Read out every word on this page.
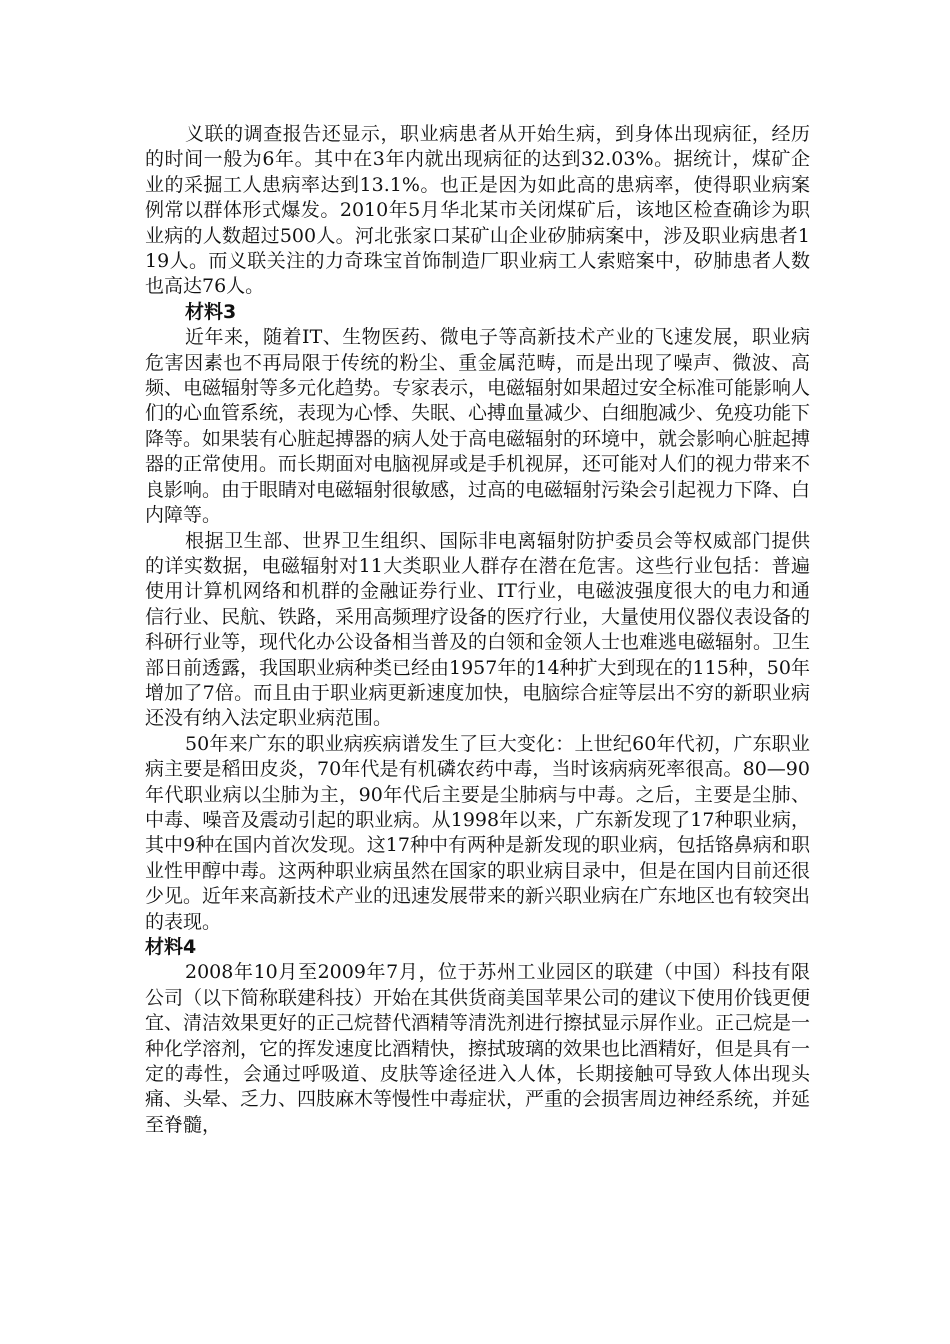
义联的调查报告还显示，职业病患者从开始生病，到身体出现病征，经历的时间一般为6年。其中在3年内就出现病征的达到32.03%。据统计，煤矿企业的采掘工人患病率达到13.1%。也正是因为如此高的患病率，使得职业病案例常以群体形式爆发。2010年5月华北某市关闭煤矿后，该地区检查确诊为职业病的人数超过500人。河北张家口某矿山企业矽肺病案中，涉及职业病患者119人。而义联关注的力奇珠宝首饰制造厂职业病工人索赔案中，矽肺患者人数也高达76人。

材料3

近年来，随着IT、生物医药、微电子等高新技术产业的飞速发展，职业病危害因素也不再局限于传统的粉尘、重金属范畴，而是出现了噪声、微波、高频、电磁辐射等多元化趋势。专家表示，电磁辐射如果超过安全标准可能影响人们的心血管系统，表现为心悸、失眠、心搏血量减少、白细胞减少、免疫功能下降等。如果装有心脏起搏器的病人处于高电磁辐射的环境中，就会影响心脏起搏器的正常使用。而长期面对电脑视屏或是手机视屏，还可能对人们的视力带来不良影响。由于眼睛对电磁辐射很敏感，过高的电磁辐射污染会引起视力下降、白内障等。

根据卫生部、世界卫生组织、国际非电离辐射防护委员会等权威部门提供的详实数据，电磁辐射对11大类职业人群存在潜在危害。这些行业包括：普遍使用计算机网络和机群的金融证券行业、IT行业，电磁波强度很大的电力和通信行业、民航、铁路，采用高频理疗设备的医疗行业，大量使用仪器仪表设备的科研行业等，现代化办公设备相当普及的白领和金领人士也难逃电磁辐射。卫生部日前透露，我国职业病种类已经由1957年的14种扩大到现在的115种，50年增加了7倍。而且由于职业病更新速度加快，电脑综合症等层出不穷的新职业病还没有纳入法定职业病范围。

50年来广东的职业病疾病谱发生了巨大变化：上世纪60年代初，广东职业病主要是稻田皮炎，70年代是有机磷农药中毒，当时该病病死率很高。80—90年代职业病以尘肺为主，90年代后主要是尘肺病与中毒。之后，主要是尘肺、中毒、噪音及震动引起的职业病。从1998年以来，广东新发现了17种职业病，其中9种在国内首次发现。这17种中有两种是新发现的职业病，包括铬鼻病和职业性甲醇中毒。这两种职业病虽然在国家的职业病目录中，但是在国内目前还很少见。近年来高新技术产业的迅速发展带来的新兴职业病在广东地区也有较突出的表现。

材料4

2008年10月至2009年7月，位于苏州工业园区的联建（中国）科技有限公司（以下简称联建科技）开始在其供货商美国苹果公司的建议下使用价钱更便宜、清洁效果更好的正己烷替代酒精等清洗剂进行擦拭显示屏作业。正己烷是一种化学溶剂，它的挥发速度比酒精快，擦拭玻璃的效果也比酒精好，但是具有一定的毒性，会通过呼吸道、皮肤等途径进入人体，长期接触可导致人体出现头痛、头晕、乏力、四肢麻木等慢性中毒症状，严重的会损害周边神经系统，并延至脊髓，
